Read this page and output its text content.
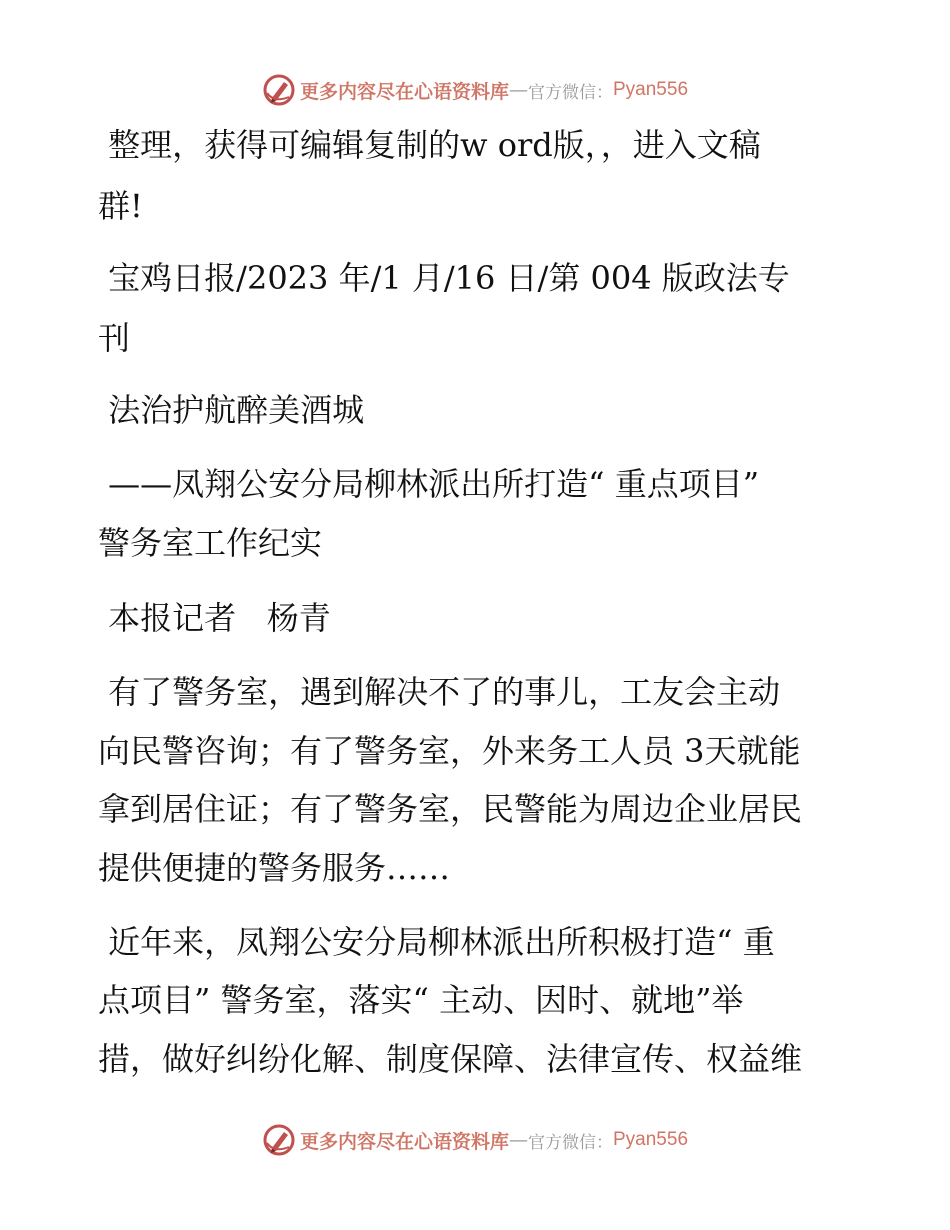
更多内容尽在心语资料库 — 官方微信： Pyan556
整理，获得可编辑复制的w ord版，，进入文稿
群!
宝鸡日报/2023 年/1 月/16 日/第 004 版政法专
刊
法治护航醉美酒城
——凤翔公安分局柳林派出所打造“ 重点项目”
警务室工作纪实
本报记者   杨青
有了警务室，遇到解决不了的事儿，工友会主动
向民警咨询；有了警务室，外来务工人员 3天就能
拿到居住证；有了警务室，民警能为周边企业居民
提供便捷的警务服务……
近年来，凤翔公安分局柳林派出所积极打造“ 重
点项目” 警务室，落实“ 主动、因时、就地”举
措，做好纠纷化解、制度保障、法律宣传、权益维
更多内容尽在心语资料库 — 官方微信： Pyan556
